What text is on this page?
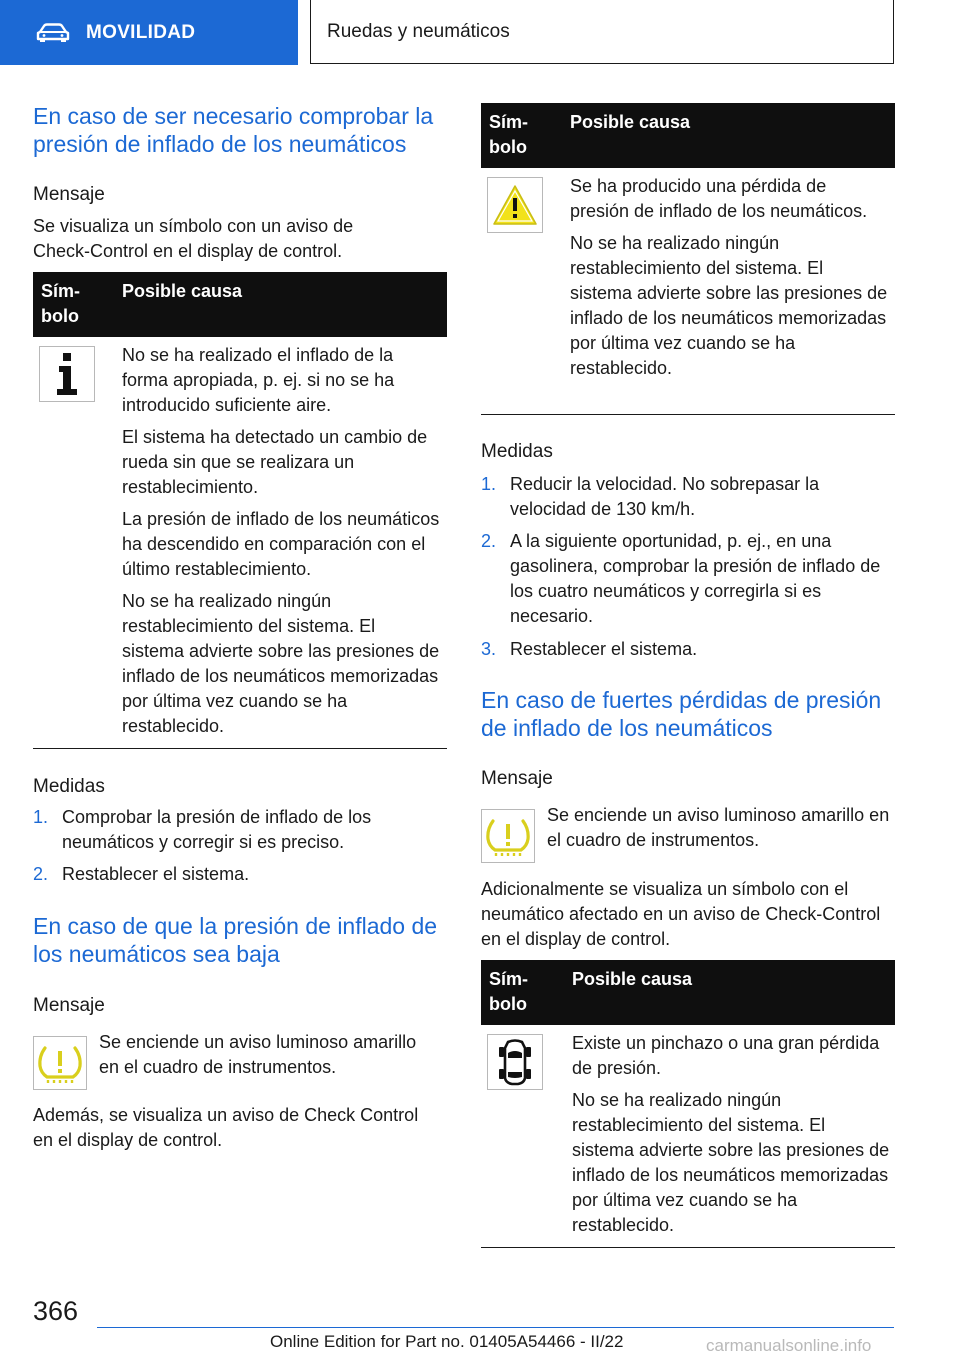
MOVILIDAD	Ruedas y neumáticos
En caso de ser necesario comprobar la presión de inflado de los neumáticos
Mensaje
Se visualiza un símbolo con un aviso de Check-Control en el display de control.
Sím-bolo
Posible causa

No se ha realizado el inflado de la forma apropiada, p. ej. si no se ha introducido suficiente aire.

El sistema ha detectado un cambio de rueda sin que se realizara un restablecimiento.

La presión de inflado de los neumáticos ha descendido en comparación con el último restablecimiento.

No se ha realizado ningún restablecimiento del sistema. El sistema advierte sobre las presiones de inflado de los neumáticos memorizadas por última vez cuando se ha restablecido.

Medidas
1. Comprobar la presión de inflado de los neumáticos y corregir si es preciso.
2. Restablecer el sistema.
En caso de que la presión de inflado de los neumáticos sea baja
Mensaje
Se enciende un aviso luminoso amarillo en el cuadro de instrumentos.
Además, se visualiza un aviso de Check Control en el display de control.
Sím-bolo
Posible causa

Se ha producido una pérdida de presión de inflado de los neumáticos.

No se ha realizado ningún restablecimiento del sistema. El sistema advierte sobre las presiones de inflado de los neumáticos memorizadas por última vez cuando se ha restablecido.

Medidas
1. Reducir la velocidad. No sobrepasar la velocidad de 130 km/h.
2. A la siguiente oportunidad, p. ej., en una gasolinera, comprobar la presión de inflado de los cuatro neumáticos y corregirla si es necesario.
3. Restablecer el sistema.
En caso de fuertes pérdidas de presión de inflado de los neumáticos
Mensaje
Se enciende un aviso luminoso amarillo en el cuadro de instrumentos.
Adicionalmente se visualiza un símbolo con el neumático afectado en un aviso de Check-Control en el display de control.
Sím-bolo
Posible causa

Existe un pinchazo o una gran pérdida de presión.

No se ha realizado ningún restablecimiento del sistema. El sistema advierte sobre las presiones de inflado de los neumáticos memorizadas por última vez cuando se ha restablecido.

366
Online Edition for Part no. 01405A54466 - II/22	carmanualsonline.info
